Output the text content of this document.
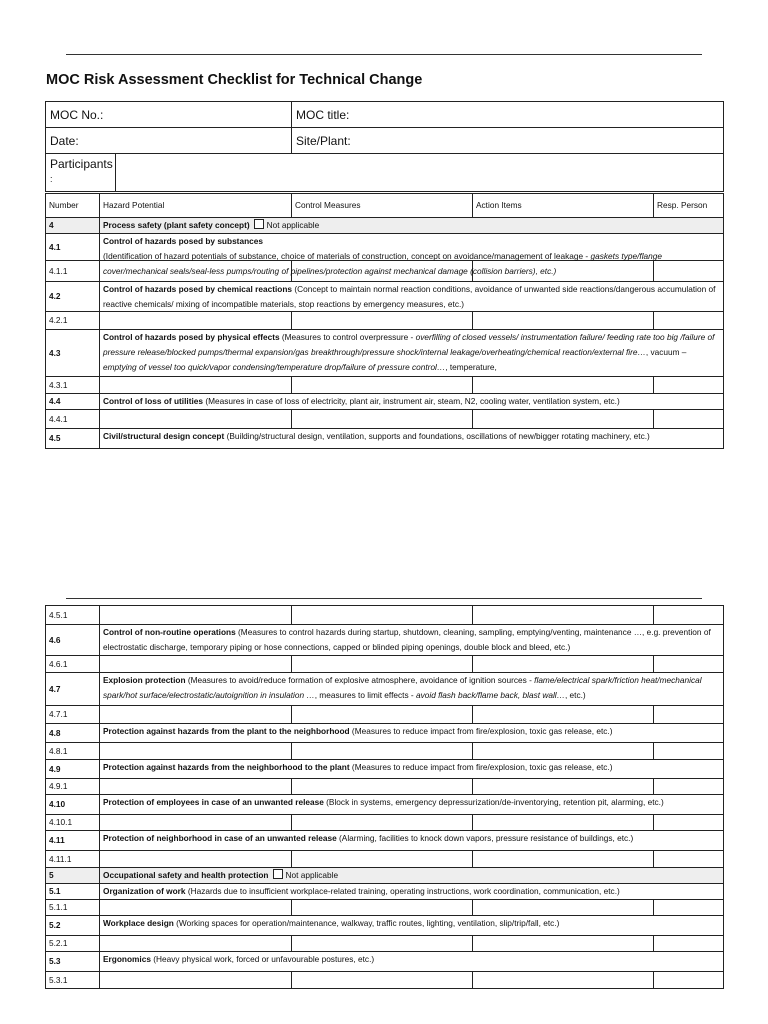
MOC Risk Assessment Checklist for Technical Change
MOC No.:	MOC title:
Date:	Site/Plant:
Participants
:	
Number	Hazard Potential	Control Measures	Action Items	Resp. Person
4	Process safety (plant safety concept) Not applicable			

4.1	Control of hazards posed by substances
(Identification of hazard potentials of substance, choice of materials of construction, concept on avoidance/management of leakage - gaskets type/flange cover/mechanical seals/seal-less pumps/routing of pipelines/protection against mechanical damage (collision barriers), etc.)			

4.1.1				
4.2	Control of hazards posed by chemical reactions (Concept to maintain normal reaction conditions, avoidance of unwanted side reactions/dangerous accumulation of reactive chemicals/ mixing of incompatible materials, stop reactions by emergency measures, etc.)			

4.2.1				
4.3	Control of hazards posed by physical effects (Measures to control overpressure - overfilling of closed vessels/ instrumentation failure/ feeding rate too big /failure of pressure release/blocked pumps/thermal expansion/gas breakthrough/pressure shock/internal leakage/overheating/chemical reaction/external fire…, vacuum – emptying of vessel too quick/vapor condensing/temperature drop/failure of pressure control…, temperature,			

4.3.1				
4.4	Control of loss of utilities (Measures in case of loss of electricity, plant air, instrument air, steam, N2, cooling water, ventilation system, etc.)			

4.4.1				
4.5	Civil/structural design concept (Building/structural design, ventilation, supports and foundations, oscillations of new/bigger rotating machinery, etc.)			
4.5.1				
4.6	Control of non-routine operations (Measures to control hazards during startup, shutdown, cleaning, sampling, emptying/venting, maintenance …, e.g. prevention of electrostatic discharge, temporary piping or hose connections, capped or blinded piping openings, double block and bleed, etc.)			

4.6.1				
4.7	Explosion protection (Measures to avoid/reduce formation of explosive atmosphere, avoidance of ignition sources - flame/electrical spark/friction heat/mechanical spark/hot surface/electrostatic/autoignition in insulation …, measures to limit effects - avoid flash back/flame back, blast wall…, etc.)			

4.7.1				
4.8	Protection against hazards from the plant to the neighborhood (Measures to reduce impact from fire/explosion, toxic gas release, etc.)			

4.8.1				
4.9	Protection against hazards from the neighborhood to the plant (Measures to reduce impact from fire/explosion, toxic gas release, etc.)			

4.9.1				
4.10	Protection of employees in case of an unwanted release (Block in systems, emergency depressurization/de-inventorying, retention pit, alarming, etc.)			

4.10.1				
4.11	Protection of neighborhood in case of an unwanted release (Alarming, facilities to knock down vapors, pressure resistance of buildings, etc.)			

4.11.1				
5	Occupational safety and health protection Not applicable			

5.1	Organization of work (Hazards due to insufficient workplace-related training, operating instructions, work coordination, communication, etc.)			

5.1.1				
5.2	Workplace design (Working spaces for operation/maintenance, walkway, traffic routes, lighting, ventilation, slip/trip/fall, etc.)			

5.2.1				
5.3	Ergonomics (Heavy physical work, forced or unfavourable postures, etc.)			

5.3.1				
